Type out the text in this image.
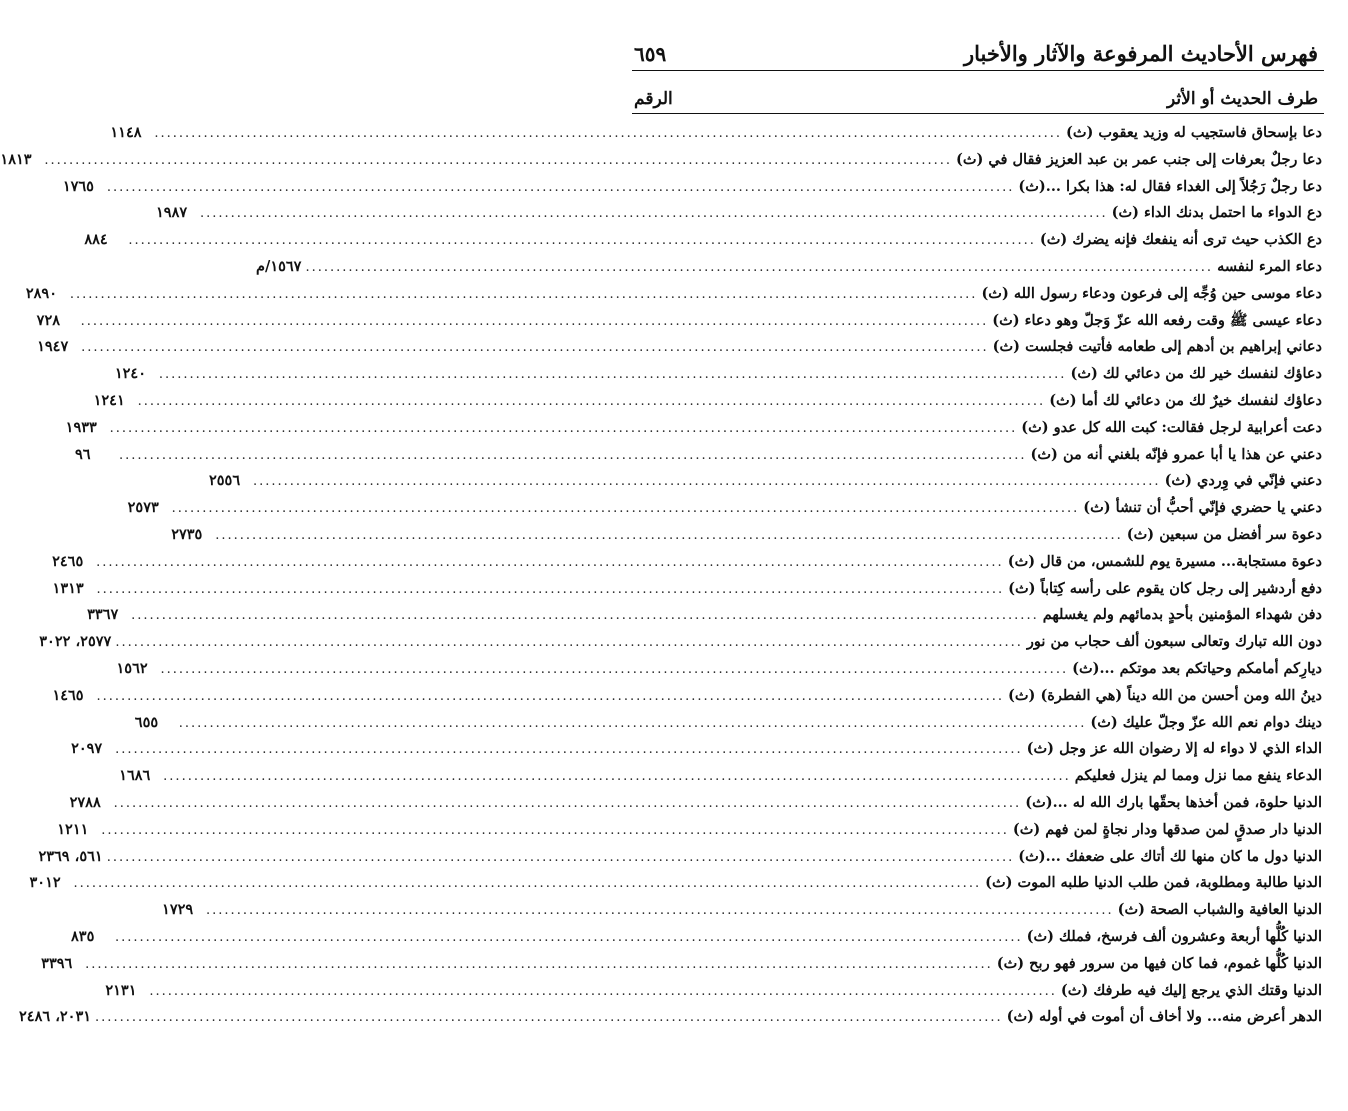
فهرس الأحاديث المرفوعة والآثار والأخبار
٦٥٩
طرف الحديث أو الأثر
الرقم
دعا بإسحاق فاستجيب له وزيد يعقوب (ث)
....................................................................................................................................................
١١٤٨
دعا رجلٌ بعرفات إلى جنب عمر بن عبد العزيز فقال في (ث)
....................................................................................................................................................
١٨١٣
دعا رجلٌ رَجُلاً إلى الغداء فقال له: هذا بكرا ...(ث)
....................................................................................................................................................
١٧٦٥
دع الدواء ما احتمل بدنك الداء (ث)
....................................................................................................................................................
١٩٨٧
دع الكذب حيث ترى أنه ينفعك فإنه يضرك (ث)
....................................................................................................................................................
٨٨٤
دعاء المرء لنفسه
....................................................................................................................................................
١٥٦٧/م
دعاء موسى حين وُجِّه إلى فرعون ودعاء رسول الله (ث)
....................................................................................................................................................
٢٨٩٠
دعاء عيسى ﷺ وقت رفعه الله عزّ وَجلّ وهو دعاء (ث)
....................................................................................................................................................
٧٢٨
دعاني إبراهيم بن أدهم إلى طعامه فأتيت فجلست (ث)
....................................................................................................................................................
١٩٤٧
دعاؤك لنفسك خير لك من دعائي لك (ث)
....................................................................................................................................................
١٢٤٠
دعاؤك لنفسك خيرٌ لك من دعائي لك أما (ث)
....................................................................................................................................................
١٢٤١
دعت أعرابية لرجل فقالت: كبت الله كل عدو (ث)
....................................................................................................................................................
١٩٣٣
دعني عن هذا يا أبا عمرو فإنّه بلغني أنه من (ث)
....................................................................................................................................................
٩٦
دعني فإنّي في وِردي (ث)
....................................................................................................................................................
٢٥٥٦
دعني يا حضري فإنّي أحبُّ أن تنشأ (ث)
....................................................................................................................................................
٢٥٧٣
دعوة سر أفضل من سبعين (ث)
....................................................................................................................................................
٢٧٣٥
دعوة مستجابة... مسيرة يوم للشمس، من قال (ث)
....................................................................................................................................................
٢٤٦٥
دفع أردشير إلى رجل كان يقوم على رأسه كِتاباً (ث)
....................................................................................................................................................
١٣١٣
دفن شهداء المؤمنين بأحدٍ بدمائهم ولم يغسلهم
....................................................................................................................................................
٣٣٦٧
دون الله تبارك وتعالى سبعون ألف حجاب من نور
....................................................................................................................................................
٢٥٧٧، ٣٠٢٢
ديارِكم أمامكم وحياتكم بعد موتكم ...(ث)
....................................................................................................................................................
١٥٦٢
دينُ الله ومن أحسن من الله ديناً (هي الفطرة) (ث)
....................................................................................................................................................
١٤٦٥
دينك دوام نعم الله عزّ وجلّ عليك (ث)
....................................................................................................................................................
٦٥٥
الداء الذي لا دواء له إلا رضوان الله عز وجل (ث)
....................................................................................................................................................
٢٠٩٧
الدعاء ينفع مما نزل ومما لم ينزل فعليكم
....................................................................................................................................................
١٦٨٦
الدنيا حلوة، فمن أخذها بحقّها بارك الله له ...(ث)
....................................................................................................................................................
٢٧٨٨
الدنيا دار صدقٍ لمن صدقها ودار نجاةٍ لمن فهم (ث)
....................................................................................................................................................
١٢١١
الدنيا دول ما كان منها لك أتاك على ضعفك ...(ث)
....................................................................................................................................................
٥٦١، ٢٣٦٩
الدنيا طالبة ومطلوبة، فمن طلب الدنيا طلبه الموت (ث)
....................................................................................................................................................
٣٠١٢
الدنيا العافية والشباب الصحة (ث)
....................................................................................................................................................
١٧٢٩
الدنيا كُلُّها أربعة وعشرون ألف فرسخ، فملك (ث)
....................................................................................................................................................
٨٣٥
الدنيا كُلُّها غموم، فما كان فيها من سرور فهو ربح (ث)
....................................................................................................................................................
٣٣٩٦
الدنيا وقتك الذي يرجع إليك فيه طرفك (ث)
....................................................................................................................................................
٢١٣١
الدهر أعرض منه... ولا أخاف أن أموت في أوله (ث)
....................................................................................................................................................
٢٠٣١، ٢٤٨٦
